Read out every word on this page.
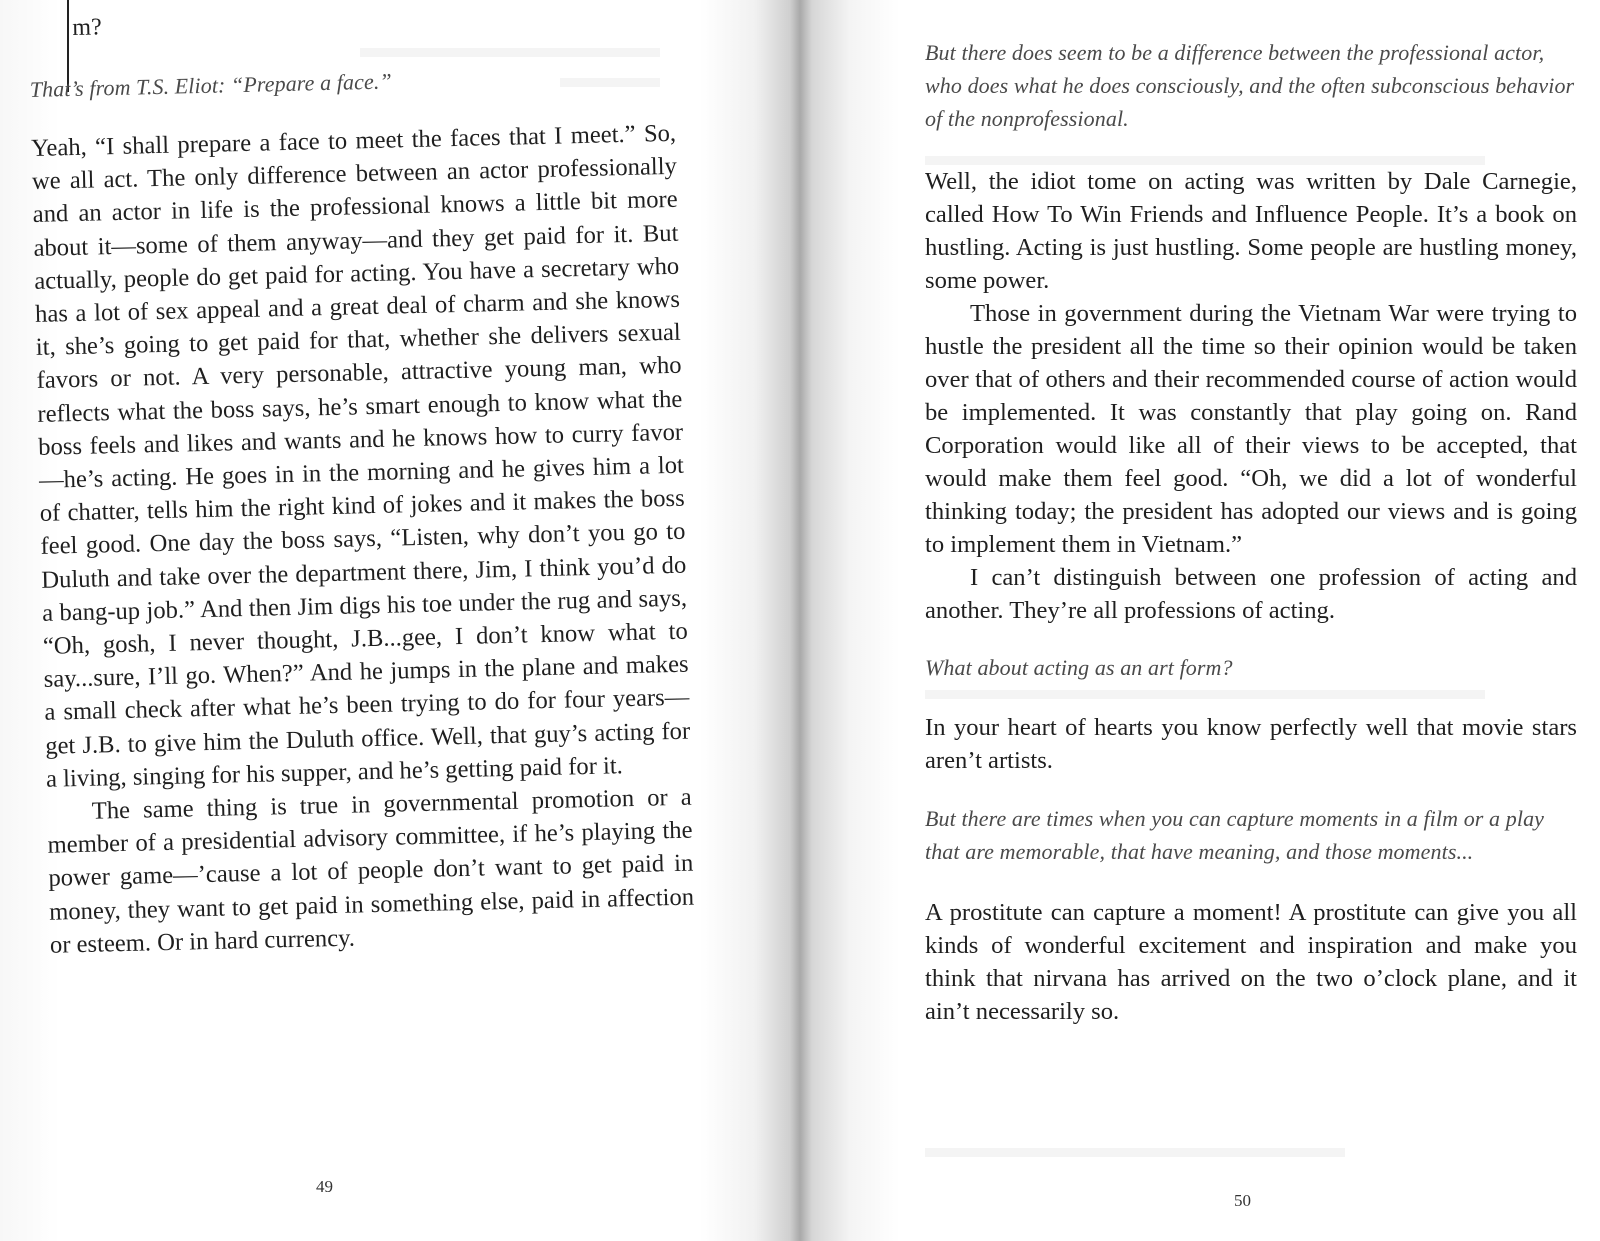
m?
That’s from T.S. Eliot: “Prepare a face.”

Yeah, “I shall prepare a face to meet the faces that I meet.” So, we all act. The only difference between an actor professionally and an actor in life is the professional knows a little bit more about it—some of them anyway—and they get paid for it. But actually, people do get paid for acting. You have a secretary who has a lot of sex appeal and a great deal of charm and she knows it, she’s going to get paid for that, whether she delivers sexual favors or not. A very personable, attractive young man, who reflects what the boss says, he’s smart enough to know what the boss feels and likes and wants and he knows how to curry favor—he’s acting. He goes in in the morning and he gives him a lot of chatter, tells him the right kind of jokes and it makes the boss feel good. One day the boss says, “Listen, why don’t you go to Duluth and take over the department there, Jim, I think you’d do a bang-up job.” And then Jim digs his toe under the rug and says, “Oh, gosh, I never thought, J.B...gee, I don’t know what to say...sure, I’ll go. When?” And he jumps in the plane and makes a small check after what he’s been trying to do for four years—get J.B. to give him the Duluth office. Well, that guy’s acting for a living, singing for his supper, and he’s getting paid for it.

The same thing is true in governmental promotion or a member of a presidential advisory committee, if he’s playing the power game—’cause a lot of people don’t want to get paid in money, they want to get paid in something else, paid in affection or esteem. Or in hard currency.

49

But there does seem to be a difference between the professional actor, who does what he does consciously, and the often subconscious behavior of the nonprofessional.

Well, the idiot tome on acting was written by Dale Carnegie, called How To Win Friends and Influence People. It’s a book on hustling. Acting is just hustling. Some people are hustling money, some power.

Those in government during the Vietnam War were trying to hustle the president all the time so their opinion would be taken over that of others and their recommended course of action would be implemented. It was constantly that play going on. Rand Corporation would like all of their views to be accepted, that would make them feel good. “Oh, we did a lot of wonderful thinking today; the president has adopted our views and is going to implement them in Vietnam.”

I can’t distinguish between one profession of acting and another. They’re all professions of acting.

What about acting as an art form?

In your heart of hearts you know perfectly well that movie stars aren’t artists.

But there are times when you can capture moments in a film or a play that are memorable, that have meaning, and those moments...

A prostitute can capture a moment! A prostitute can give you all kinds of wonderful excitement and inspiration and make you think that nirvana has arrived on the two o’clock plane, and it ain’t necessarily so.

50
